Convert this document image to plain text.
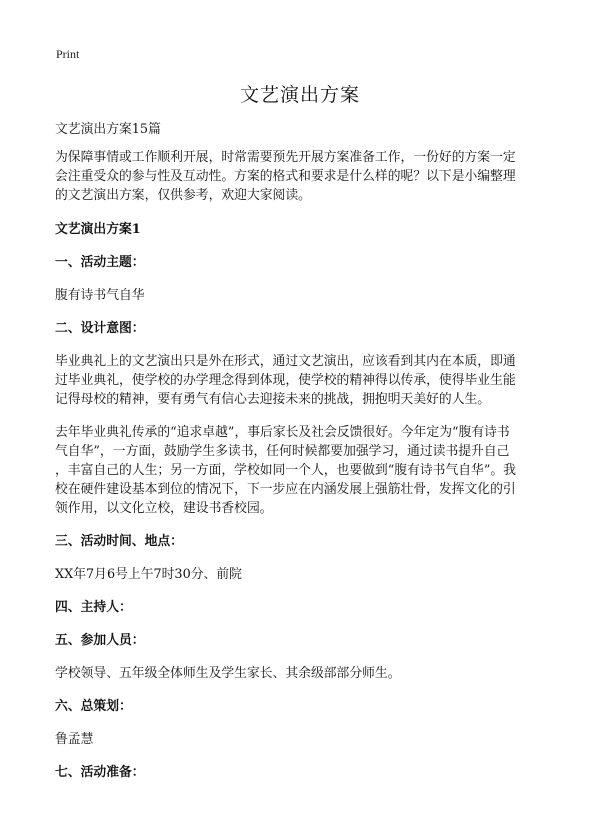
Print
文艺演出方案

文艺演出方案15篇

为保障事情或工作顺利开展，时常需要预先开展方案准备工作，一份好的方案一定

会注重受众的参与性及互动性。方案的格式和要求是什么样的呢？以下是小编整理

的文艺演出方案，仅供参考，欢迎大家阅读。

文艺演出方案1

一、活动主题：

腹有诗书气自华

二、设计意图：

毕业典礼上的文艺演出只是外在形式，通过文艺演出，应该看到其内在本质，即通

过毕业典礼，使学校的办学理念得到体现，使学校的精神得以传承，使得毕业生能

记得母校的精神，要有勇气有信心去迎接未来的挑战，拥抱明天美好的人生。

去年毕业典礼传承的“追求卓越”，事后家长及社会反馈很好。今年定为“腹有诗书

气自华”，一方面，鼓励学生多读书，任何时候都要加强学习，通过读书提升自己

，丰富自己的人生；另一方面，学校如同一个人，也要做到“腹有诗书气自华”。我

校在硬件建设基本到位的情况下，下一步应在内涵发展上强筋壮骨，发挥文化的引

领作用，以文化立校，建设书香校园。

三、活动时间、地点：

XX年7月6号上午7时30分、前院

四、主持人：

五、参加人员：

学校领导、五年级全体师生及学生家长、其余级部部分师生。

六、总策划：

鲁孟慧

七、活动准备：
